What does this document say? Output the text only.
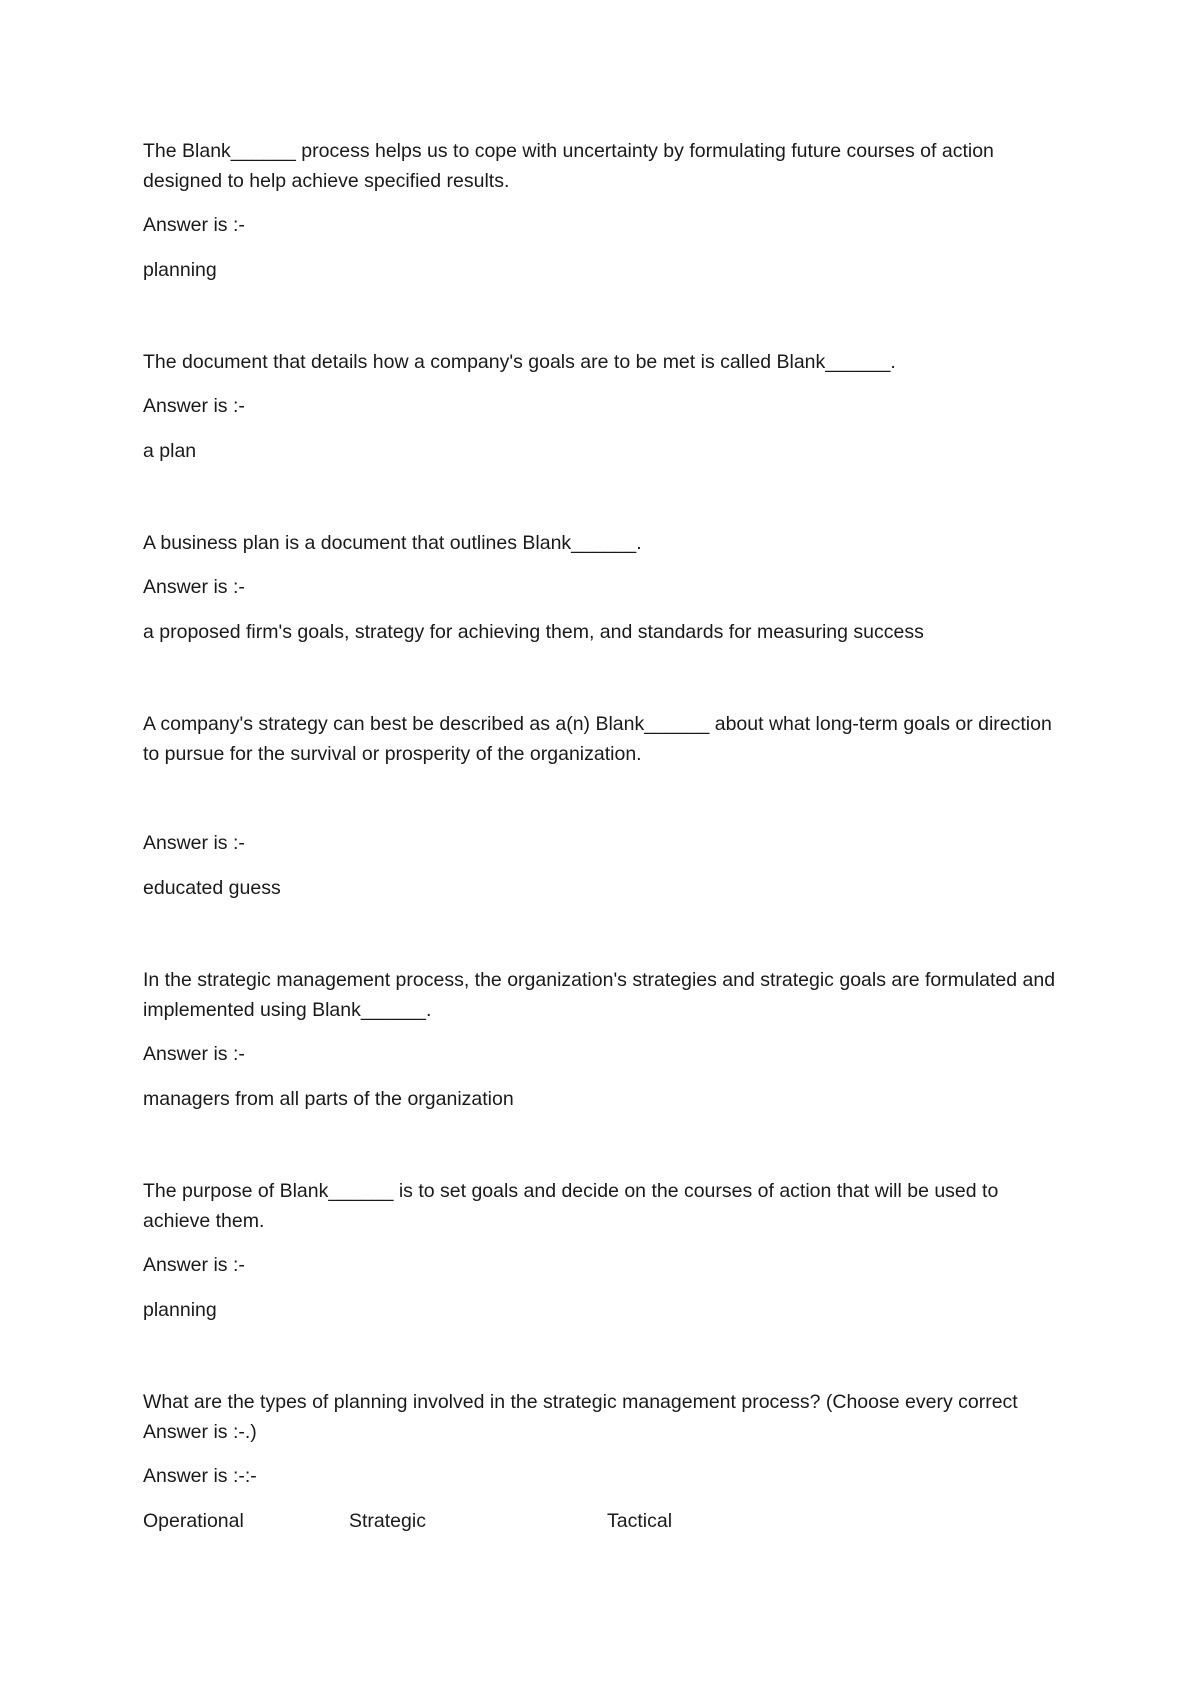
The Blank______ process helps us to cope with uncertainty by formulating future courses of action designed to help achieve specified results.

Answer is :-

planning

The document that details how a company's goals are to be met is called Blank______.

Answer is :-

a plan

A business plan is a document that outlines Blank______.

Answer is :-

a proposed firm's goals, strategy for achieving them, and standards for measuring success

A company's strategy can best be described as a(n) Blank______ about what long-term goals or direction to pursue for the survival or prosperity of the organization.

Answer is :-

educated guess

In the strategic management process, the organization's strategies and strategic goals are formulated and implemented using Blank______.

Answer is :-

managers from all parts of the organization

The purpose of Blank______ is to set goals and decide on the courses of action that will be used to achieve them.

Answer is :-

planning

What are the types of planning involved in the strategic management process? (Choose every correct Answer is :-.)

Answer is :-:-

Operational	Strategic	Tactical
